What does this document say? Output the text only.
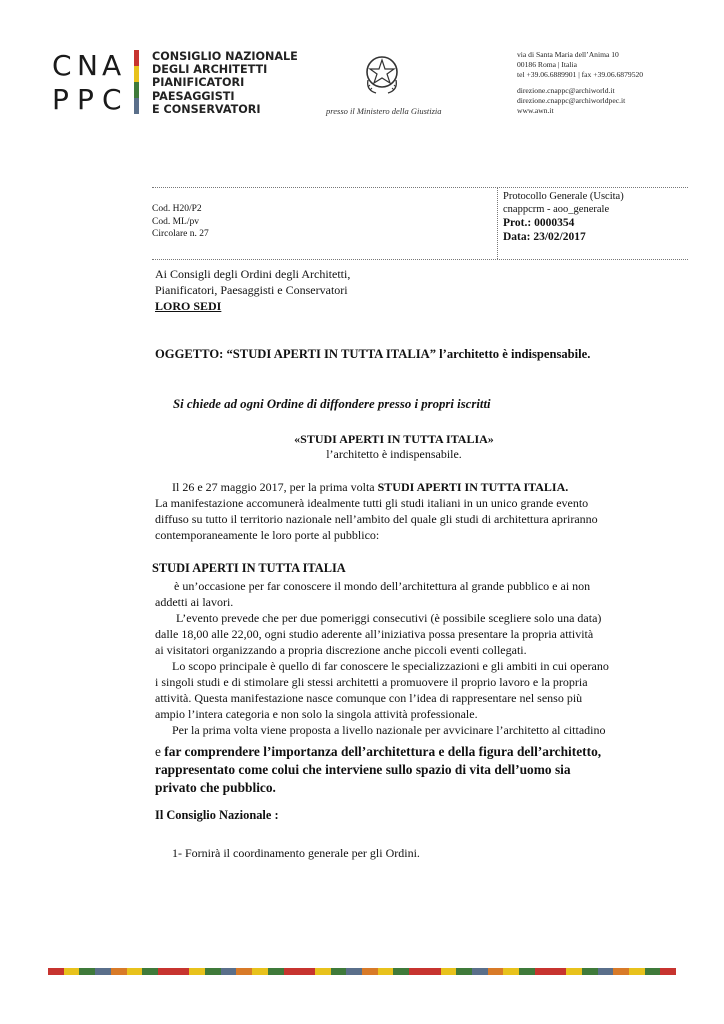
C N A
P P C
CONSIGLIO NAZIONALE
DEGLI ARCHITETTI
PIANIFICATORI
PAESAGGISTI
E CONSERVATORI	presso il Ministero della Giustizia
via di Santa Maria dell’Anima 10
00186 Roma | Italia
tel +39.06.6889901 | fax +39.06.6879520
direzione.cnappc@archiworld.it
direzione.cnappc@archiworldpec.it
www.awn.it
Cod. H20/P2
Cod. ML/pv
Circolare n. 27
Protocollo Generale (Uscita)
cnappcrm - aoo_generale
Prot.: 0000354
Data: 23/02/2017
Ai Consigli degli Ordini degli Architetti,
Pianificatori, Paesaggisti e Conservatori
LORO SEDI
OGGETTO: “STUDI APERTI IN TUTTA ITALIA” l’architetto è indispensabile.
Si chiede ad ogni Ordine di diffondere presso i propri iscritti
«STUDI APERTI IN TUTTA ITALIA»
l’architetto è indispensabile.
Il 26 e 27 maggio 2017, per la prima volta STUDI APERTI IN TUTTA ITALIA.
La manifestazione accomunerà idealmente tutti gli studi italiani in un unico grande evento
diffuso su tutto il territorio nazionale nell’ambito del quale gli studi di architettura apriranno
contemporaneamente le loro porte al pubblico:
STUDI APERTI IN TUTTA ITALIA
è un’occasione per far conoscere il mondo dell’architettura al grande pubblico e ai non
addetti ai lavori.
L’evento prevede che per due pomeriggi consecutivi (è possibile scegliere solo una data)
dalle 18,00 alle 22,00, ogni studio aderente all’iniziativa possa presentare la propria attività
ai visitatori organizzando a propria discrezione anche piccoli eventi collegati.
Lo scopo principale è quello di far conoscere le specializzazioni e gli ambiti in cui operano
i singoli studi e di stimolare gli stessi architetti a promuovere il proprio lavoro e la propria
attività. Questa manifestazione nasce comunque con l’idea di rappresentare nel senso più
ampio l’intera categoria e non solo la singola attività professionale.
Per la prima volta viene proposta a livello nazionale per avvicinare l’architetto al cittadino
e far comprendere l’importanza dell’architettura e della figura dell’architetto,
rappresentato come colui che interviene sullo spazio di vita dell’uomo sia
privato che pubblico.
Il Consiglio Nazionale :
1- Fornirà il coordinamento generale per gli Ordini.
